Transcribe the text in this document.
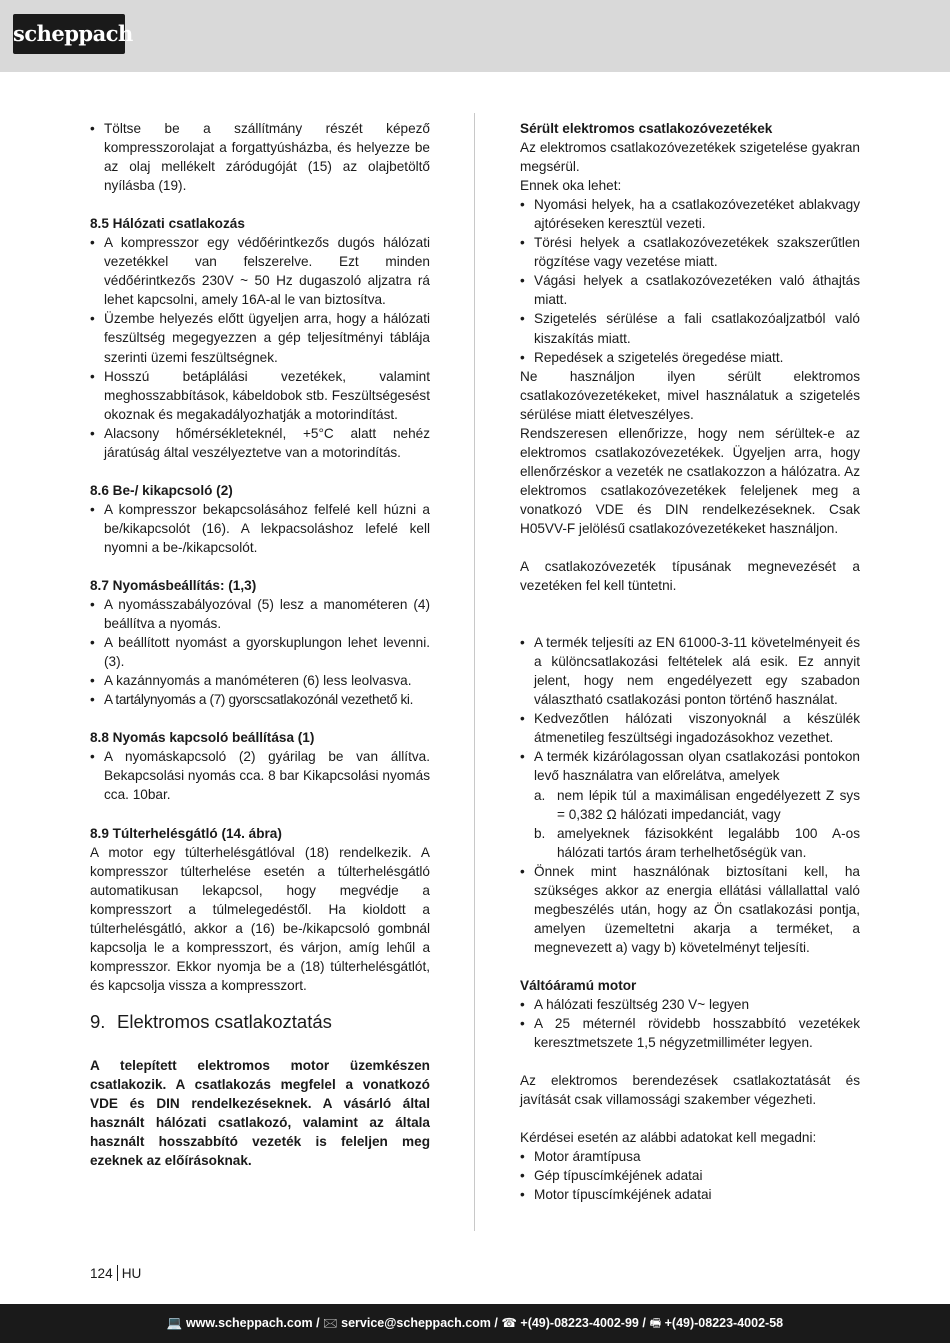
scheppach
• Töltse be a szállítmány részét képező kompresszorolajat a forgattyúsházba, és helyezze be az olaj mellékelt záródugóját (15) az olajbetöltő nyílásba (19).
8.5 Hálózati csatlakozás
• A kompresszor egy védőérintkezős dugós hálózati vezetékkel van felszerelve. Ezt minden védőérintkezős 230V ~ 50 Hz dugaszoló aljzatra rá lehet kapcsolni, amely 16A-al le van biztosítva.
• Üzembe helyezés előtt ügyeljen arra, hogy a hálózati feszültség megegyezzen a gép teljesítményi táblája szerinti üzemi feszültségnek.
• Hosszú betáplálási vezetékek, valamint meghosszabbítások, kábeldobok stb. Feszültségesést okoznak és megakadályozhatják a motorindítást.
• Alacsony hőmérsékleteknél, +5°C alatt nehéz járatúság által veszélyeztetve van a motorindítás.
8.6 Be-/ kikapcsoló (2)
• A kompresszor bekapcsolásához felfelé kell húzni a be/kikapcsolót (16). A lekpacsoláshoz lefelé kell nyomni a be-/kikapcsolót.
8.7 Nyomásbeállítás: (1,3)
• A nyomásszabályozóval (5) lesz a manométeren (4) beállítva a nyomás.
• A beállított nyomást a gyorskuplungon lehet levenni. (3).
• A kazánnyomás a manóméteren (6) less leolvasva.
• A tartálynyomás a (7) gyorscsatlakozónál vezethető ki.
8.8 Nyomás kapcsoló beállítása (1)
• A nyomáskapcsoló (2) gyárilag be van állítva. Bekapcsolási nyomás cca. 8 bar Kikapcsolási nyomás cca. 10bar.
8.9 Túlterhelésgátló (14. ábra)
A motor egy túlterhelésgátlóval (18) rendelkezik. A kompresszor túlterhelése esetén a túlterhelésgátló automatikusan lekapcsol, hogy megvédje a kompresszort a túlmelegedéstől. Ha kioldott a túlterhelésgátló, akkor a (16) be-/kikapcsoló gombnál kapcsolja le a kompresszort, és várjon, amíg lehűl a kompresszor. Ekkor nyomja be a (18) túlterhelésgátlót, és kapcsolja vissza a kompresszort.
9. Elektromos csatlakoztatás
A telepített elektromos motor üzemkészen csatlakozik. A csatlakozás megfelel a vonatkozó VDE és DIN rendelkezéseknek. A vásárló által használt hálózati csatlakozó, valamint az általa használt hosszabbító vezeték is feleljen meg ezeknek az előírásoknak.
Sérült elektromos csatlakozóvezetékek
Az elektromos csatlakozóvezetékek szigetelése gyakran megsérül.
Ennek oka lehet:
• Nyomási helyek, ha a csatlakozóvezetéket ablakvagy ajtóréseken keresztül vezeti.
• Törési helyek a csatlakozóvezetékek szakszerűtlen rögzítése vagy vezetése miatt.
• Vágási helyek a csatlakozóvezetéken való áthajtás miatt.
• Szigetelés sérülése a fali csatlakozóaljzatból való kiszakítás miatt.
• Repedések a szigetelés öregedése miatt.
Ne használjon ilyen sérült elektromos csatlakozóvezetékeket, mivel használatuk a szigetelés sérülése miatt életveszélyes.
Rendszeresen ellenőrizze, hogy nem sérültek-e az elektromos csatlakozóvezetékek. Ügyeljen arra, hogy ellenőrzéskor a vezeték ne csatlakozzon a hálózatra. Az elektromos csatlakozóvezetékek feleljenek meg a vonatkozó VDE és DIN rendelkezéseknek. Csak H05VV-F jelölésű csatlakozóvezetékeket használjon.
A csatlakozóvezeték típusának megnevezését a vezetéken fel kell tüntetni.
• A termék teljesíti az EN 61000-3-11 követelményeit és a különcsatlakozási feltételek alá esik. Ez annyit jelent, hogy nem engedélyezett egy szabadon választható csatlakozási ponton történő használat.
• Kedvezőtlen hálózati viszonyoknál a készülék átmenetileg feszültségi ingadozásokhoz vezethet.
• A termék kizárólagossan olyan csatlakozási pontokon levő használatra van előrelátva, amelyek
a. nem lépik túl a maximálisan engedélyezett Z sys = 0,382 Ω hálózati impedanciát, vagy
b. amelyeknek fázisokként legalább 100 A-os hálózati tartós áram terhelhetőségük van.
• Önnek mint használónak biztosítani kell, ha szükséges akkor az energia ellátási vállallattal való megbeszélés után, hogy az Ön csatlakozási pontja, amelyen üzemeltetni akarja a terméket, a megnevezett a) vagy b) követelményt teljesíti.
Váltóáramú motor
• A hálózati feszültség 230 V~ legyen
• A 25 méternél rövidebb hosszabbító vezetékek keresztmetszete 1,5 négyzetmilliméter legyen.
Az elektromos berendezések csatlakoztatását és javítását csak villamossági szakember végezheti.
Kérdései esetén az alábbi adatokat kell megadni:
• Motor áramtípusa
• Gép típuscímkéjének adatai
• Motor típuscímkéjének adatai
124 HU
💻 www.scheppach.com / 🖂 service@scheppach.com / ☎ +(49)-08223-4002-99 / 🖷 +(49)-08223-4002-58
